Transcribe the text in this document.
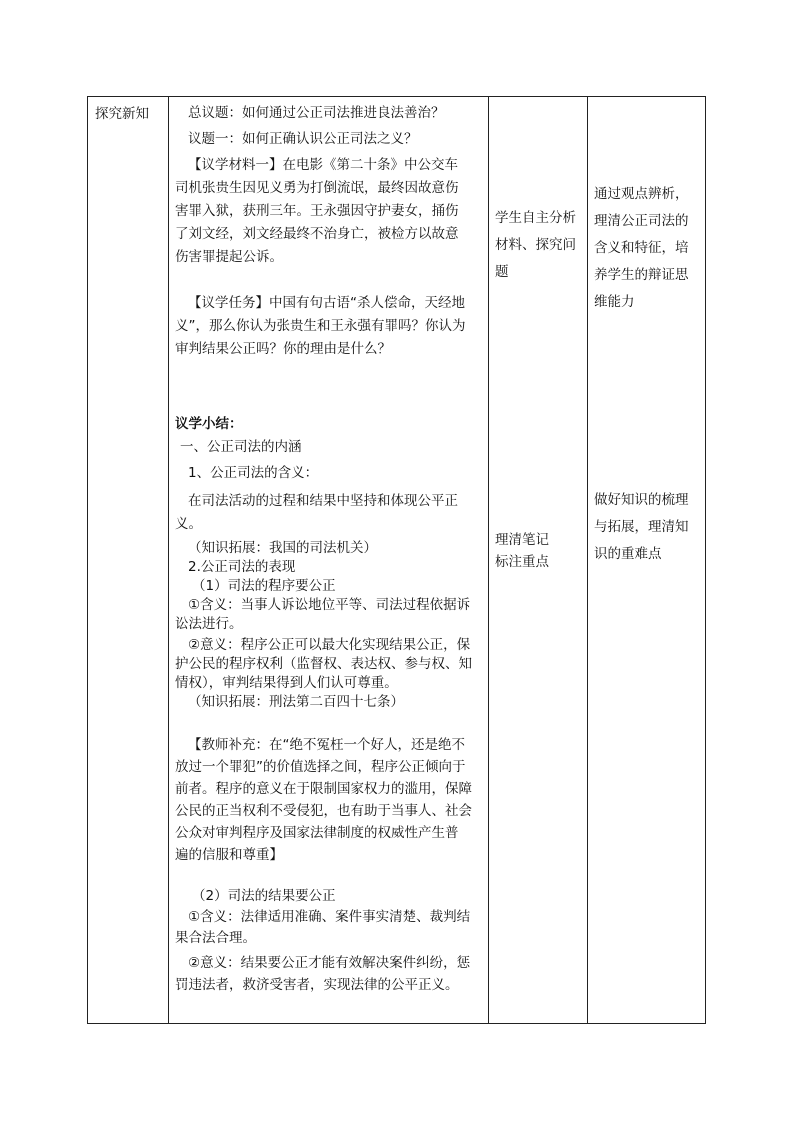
探究新知	总议题：如何通过公正司法推进良法善治？
议题一：如何正确认识公正司法之义？
【议学材料一】在电影《第二十条》中公交车
司机张贵生因见义勇为打倒流氓，最终因故意伤
害罪入狱，获刑三年。王永强因守护妻女，捅伤
了刘文经，刘文经最终不治身亡，被检方以故意
伤害罪提起公诉。
【议学任务】中国有句古语“杀人偿命，天经地
义”，那么你认为张贵生和王永强有罪吗？你认为
审判结果公正吗？你的理由是什么？
议学小结：
一、公正司法的内涵
1、公正司法的含义：
在司法活动的过程和结果中坚持和体现公平正
义。
（知识拓展：我国的司法机关）
2.公正司法的表现
（1）司法的程序要公正
①含义：当事人诉讼地位平等、司法过程依据诉
讼法进行。
②意义：程序公正可以最大化实现结果公正，保
护公民的程序权利（监督权、表达权、参与权、知
情权），审判结果得到人们认可尊重。
（知识拓展：刑法第二百四十七条）
【教师补充：在“绝不冤枉一个好人，还是绝不
放过一个罪犯”的价值选择之间，程序公正倾向于
前者。程序的意义在于限制国家权力的滥用，保障
公民的正当权利不受侵犯，也有助于当事人、社会
公众对审判程序及国家法律制度的权威性产生普
遍的信服和尊重】
（2）司法的结果要公正
①含义：法律适用准确、案件事实清楚、裁判结
果合法合理。
②意义：结果要公正才能有效解决案件纠纷，惩
罚违法者，救济受害者，实现法律的公平正义。
学生自主分析
材料、探究问
题
理清笔记
标注重点
通过观点辨析，
理清公正司法的
含义和特征，培
养学生的辩证思
维能力
做好知识的梳理
与拓展，理清知
识的重难点
